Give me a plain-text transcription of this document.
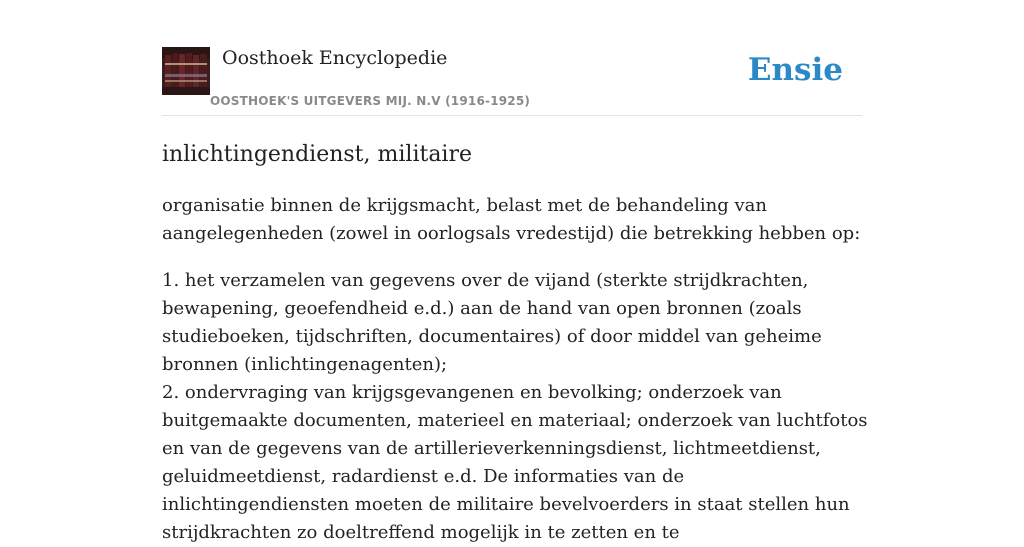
Oosthoek Encyclopedie
OOSTHOEK'S UITGEVERS MIJ. N.V (1916-1925)
Ensie
inlichtingendienst, militaire

organisatie binnen de krijgsmacht, belast met de behandeling van aangelegenheden (zowel in oorlogsals vredestijd) die betrekking hebben op:

1. het verzamelen van gegevens over de vijand (sterkte strijdkrachten, bewapening, geoefendheid e.d.) aan de hand van open bronnen (zoals studieboeken, tijdschriften, documentaires) of door middel van geheime bronnen (inlichtingenagenten);

2. ondervraging van krijgsgevangenen en bevolking; onderzoek van buitgemaakte documenten, materieel en materiaal; onderzoek van luchtfotos en van de gegevens van de artillerieverkenningsdienst, lichtmeetdienst, geluidmeetdienst, radardienst e.d. De informaties van de inlichtingendiensten moeten de militaire bevelvoerders in staat stellen hun strijdkrachten zo doeltreffend mogelijk in te zetten en te
